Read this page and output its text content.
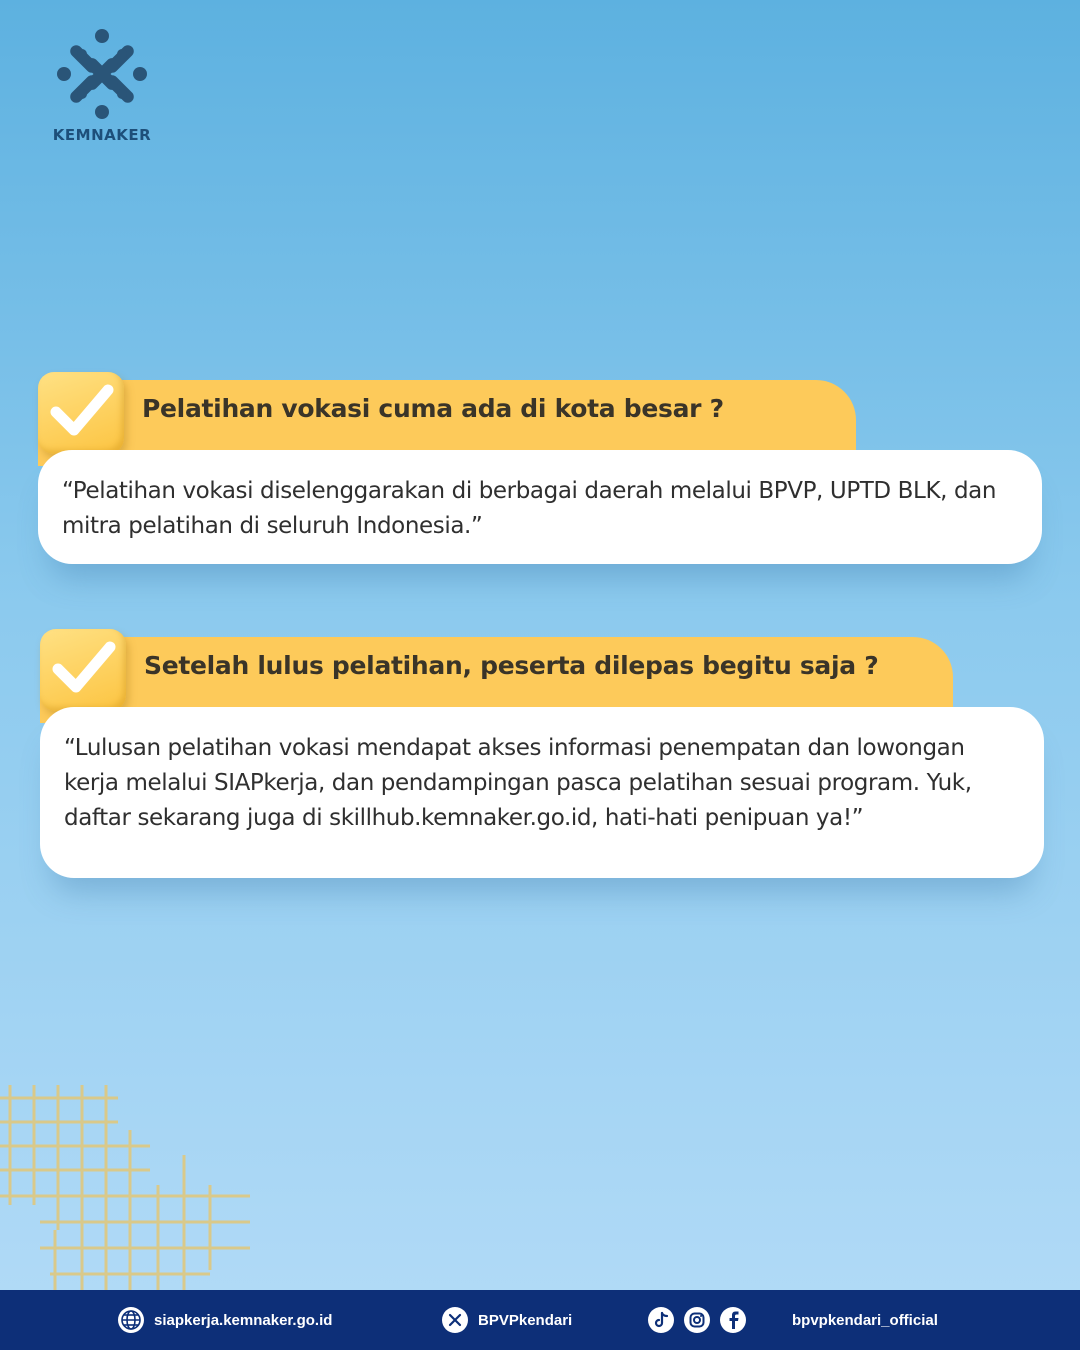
KEMNAKER
Pelatihan vokasi cuma ada di kota besar ?

“Pelatihan vokasi diselenggarakan di berbagai daerah melalui BPVP, UPTD BLK, dan mitra pelatihan di seluruh Indonesia.”

Setelah lulus pelatihan, peserta dilepas begitu saja ?

“Lulusan pelatihan vokasi mendapat akses informasi penempatan dan lowongan kerja melalui SIAPkerja, dan pendampingan pasca pelatihan sesuai program. Yuk, daftar sekarang juga di skillhub.kemnaker.go.id, hati-hati penipuan ya!”

siapkerja.kemnaker.go.id	BPVPkendari	bpvpkendari_official
